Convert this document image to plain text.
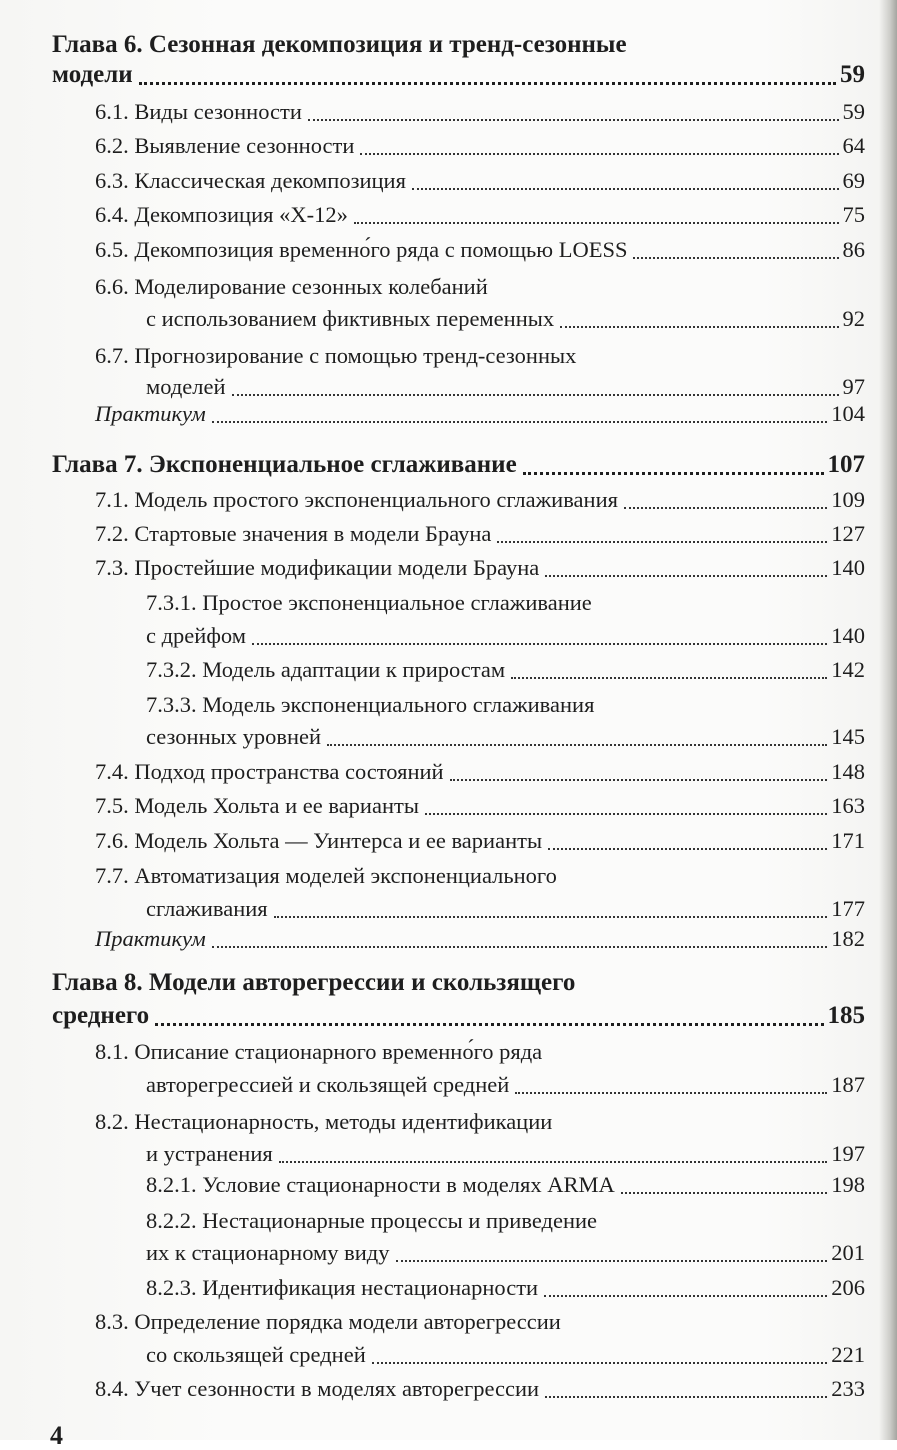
Глава 6. Сезонная декомпозиция и тренд-сезонные
модели	59
6.1. Виды сезонности	59
6.2. Выявление сезонности	64
6.3. Классическая декомпозиция	69
6.4. Декомпозиция «Х-12»	75
6.5. Декомпозиция временно́го ряда с помощью LOESS	86
6.6. Моделирование сезонных колебаний
с использованием фиктивных переменных	92
6.7. Прогнозирование с помощью тренд-сезонных
моделей	97
Практикум	104
Глава 7. Экспоненциальное сглаживание	107
7.1. Модель простого экспоненциального сглаживания	109
7.2. Стартовые значения в модели Брауна	127
7.3. Простейшие модификации модели Брауна	140
7.3.1. Простое экспоненциальное сглаживание
с дрейфом	140
7.3.2. Модель адаптации к приростам	142
7.3.3. Модель экспоненциального сглаживания
сезонных уровней	145
7.4. Подход пространства состояний	148
7.5. Модель Хольта и ее варианты	163
7.6. Модель Хольта — Уинтерса и ее варианты	171
7.7. Автоматизация моделей экспоненциального
сглаживания	177
Практикум	182
Глава 8. Модели авторегрессии и скользящего
среднего	185
8.1. Описание стационарного временно́го ряда
авторегрессией и скользящей средней	187
8.2. Нестационарность, методы идентификации
и устранения	197
8.2.1. Условие стационарности в моделях ARMA	198
8.2.2. Нестационарные процессы и приведение
их к стационарному виду	201
8.2.3. Идентификация нестационарности	206
8.3. Определение порядка модели авторегрессии
со скользящей средней	221
8.4. Учет сезонности в моделях авторегрессии	233
4
